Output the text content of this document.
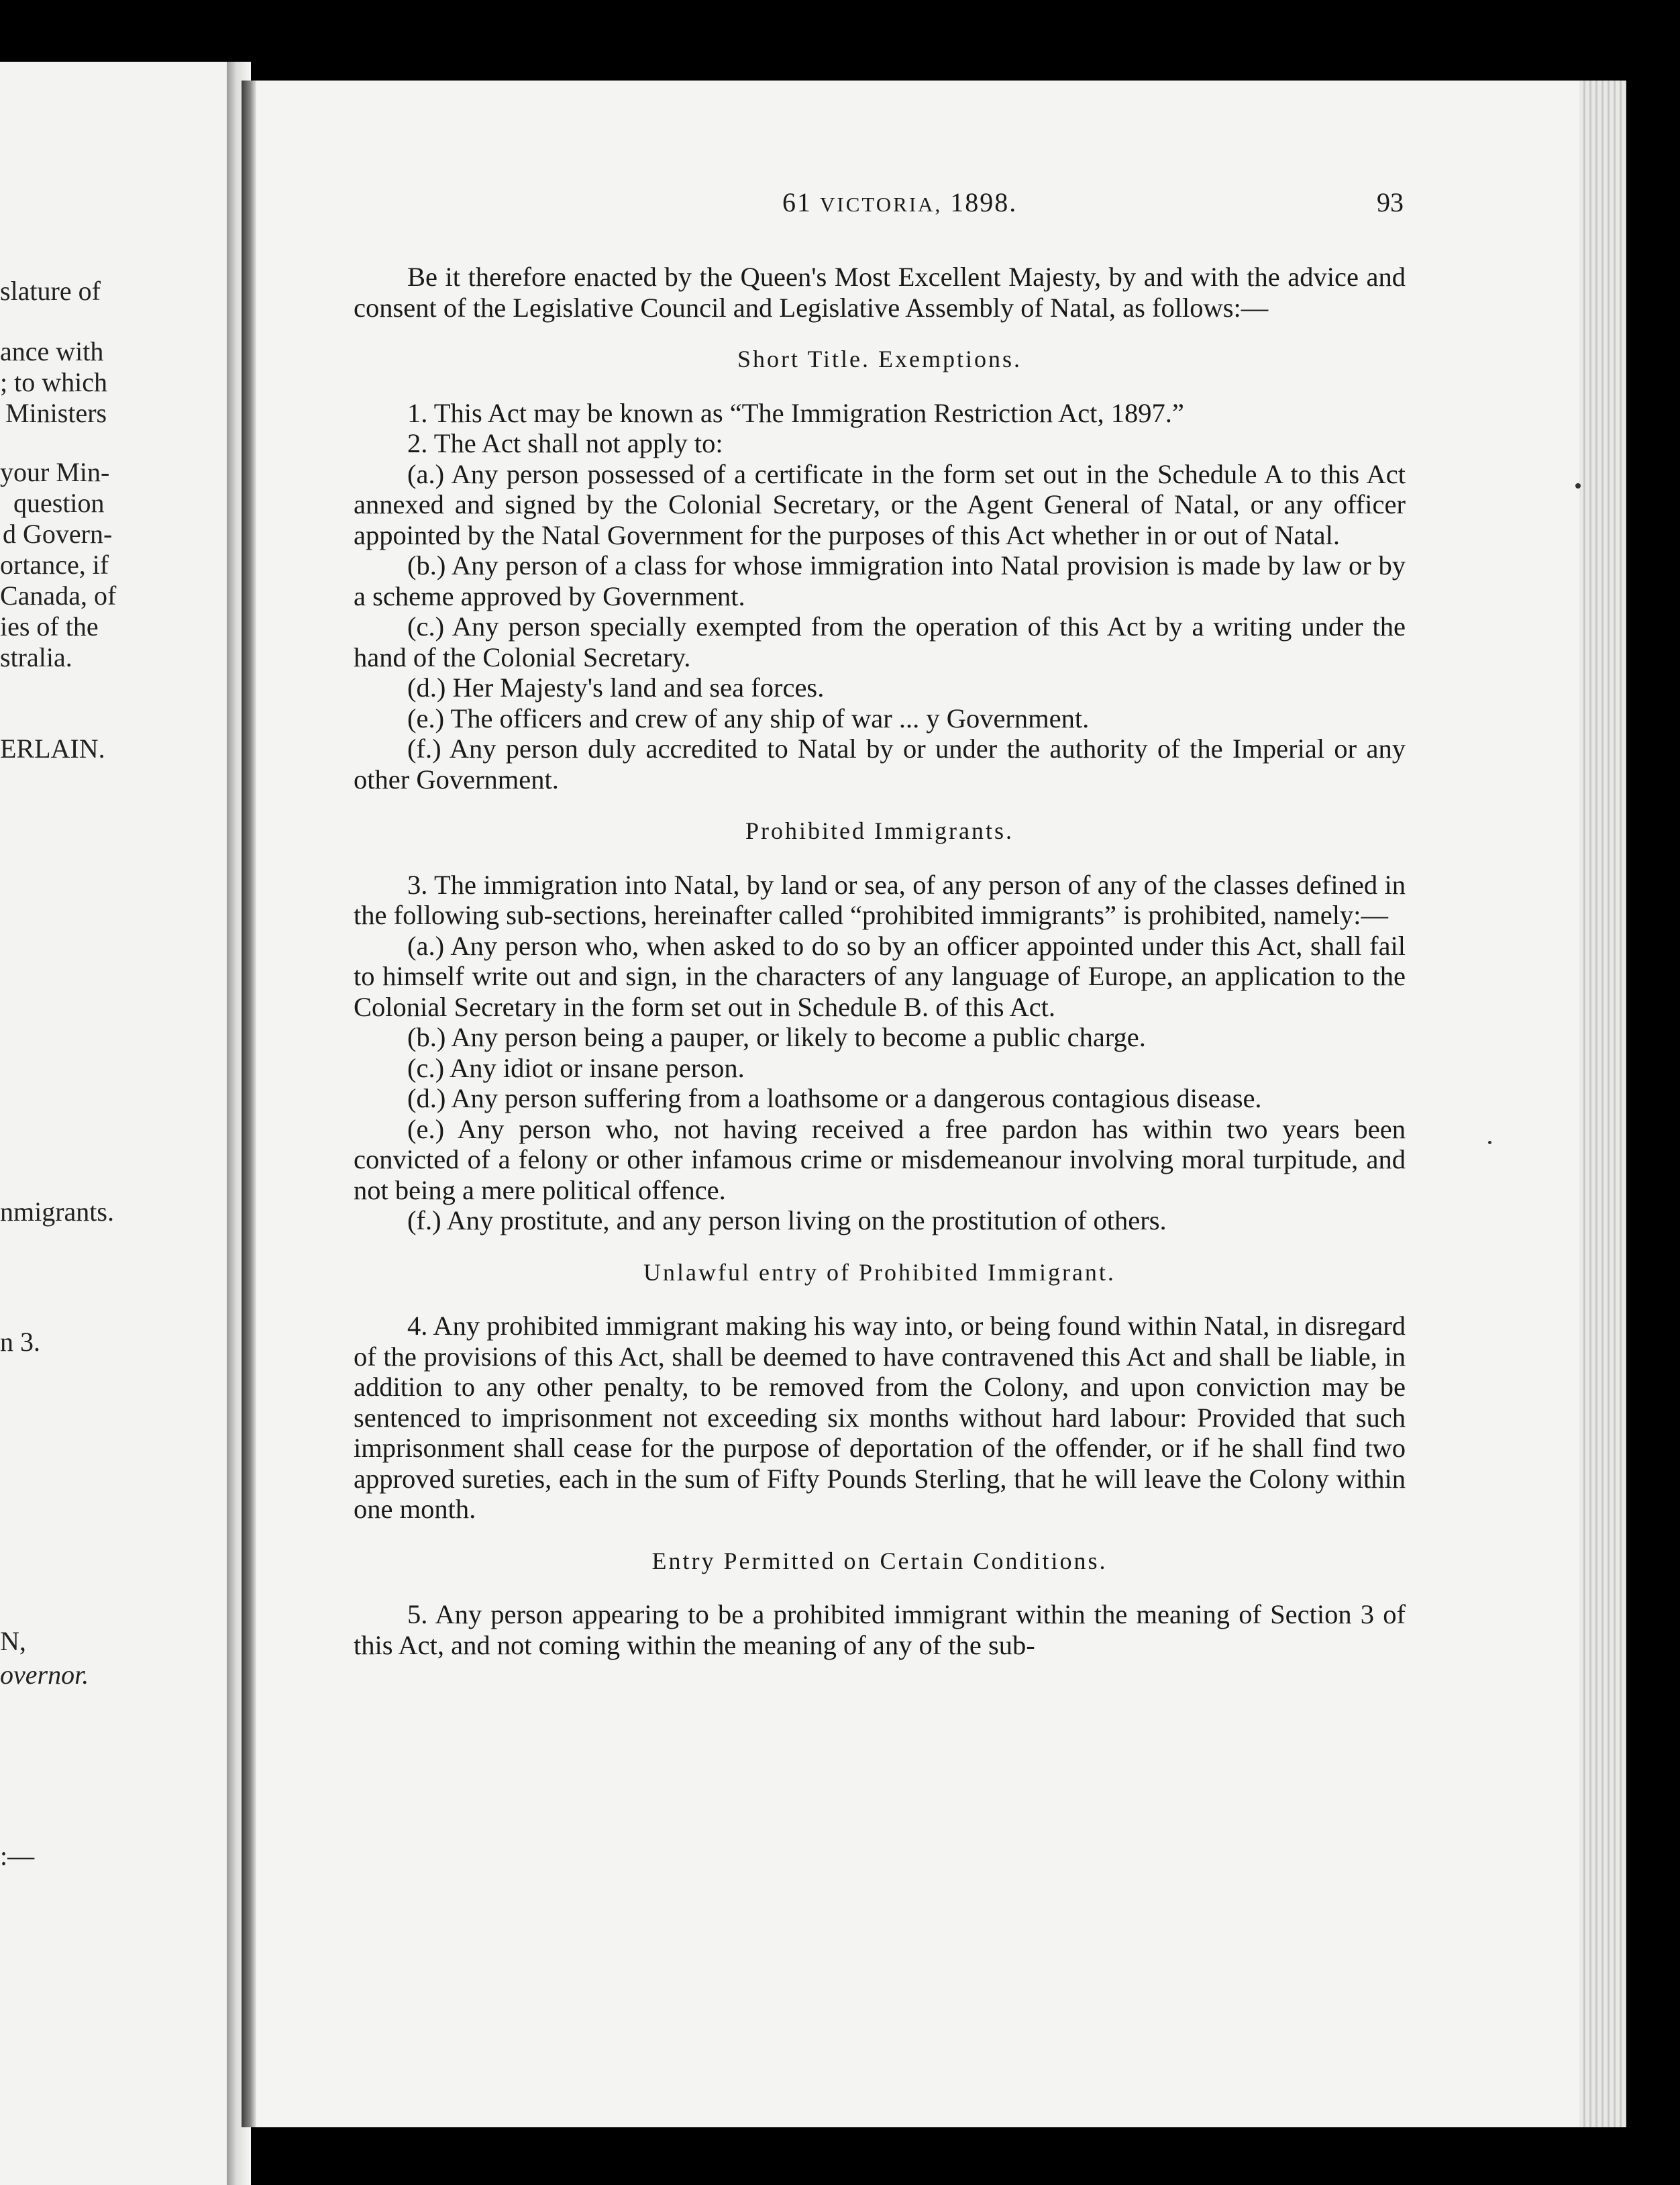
slature of
ance with
; to which
Ministers
your Min-
question
d Govern-
ortance, if
Canada, of
ies of the
stralia.
ERLAIN.
nmigrants.
n 3.
N,
overnor.
:—
61 VICTORIA, 1898.	93

Be it therefore enacted by the Queen's Most Excellent Majesty, by and with the advice and consent of the Legislative Council and Legislative Assembly of Natal, as follows:—

Short Title. Exemptions.

1. This Act may be known as “The Immigration Restriction Act, 1897.”

2. The Act shall not apply to:

(a.) Any person possessed of a certificate in the form set out in the Schedule A to this Act annexed and signed by the Colonial Secretary, or the Agent General of Natal, or any officer appointed by the Natal Government for the purposes of this Act whether in or out of Natal.

(b.) Any person of a class for whose immigration into Natal provision is made by law or by a scheme approved by Government.

(c.) Any person specially exempted from the operation of this Act by a writing under the hand of the Colonial Secretary.

(d.) Her Majesty's land and sea forces.

(e.) The officers and crew of any ship of war ... y Government.

(f.) Any person duly accredited to Natal by or under the authority of the Imperial or any other Government.

Prohibited Immigrants.

3. The immigration into Natal, by land or sea, of any person of any of the classes defined in the following sub-sections, hereinafter called “prohibited immigrants” is prohibited, namely:—

(a.) Any person who, when asked to do so by an officer appointed under this Act, shall fail to himself write out and sign, in the characters of any language of Europe, an application to the Colonial Secretary in the form set out in Schedule B. of this Act.

(b.) Any person being a pauper, or likely to become a public charge.

(c.) Any idiot or insane person.

(d.) Any person suffering from a loathsome or a dangerous contagious disease.

(e.) Any person who, not having received a free pardon has within two years been convicted of a felony or other infamous crime or misdemeanour involving moral turpitude, and not being a mere political offence.

(f.) Any prostitute, and any person living on the prostitution of others.

Unlawful entry of Prohibited Immigrant.

4. Any prohibited immigrant making his way into, or being found within Natal, in disregard of the provisions of this Act, shall be deemed to have contravened this Act and shall be liable, in addition to any other penalty, to be removed from the Colony, and upon conviction may be sentenced to imprisonment not exceeding six months without hard labour: Provided that such imprisonment shall cease for the purpose of deportation of the offender, or if he shall find two approved sureties, each in the sum of Fifty Pounds Sterling, that he will leave the Colony within one month.

Entry Permitted on Certain Conditions.

5. Any person appearing to be a prohibited immigrant within the meaning of Section 3 of this Act, and not coming within the meaning of any of the sub-
